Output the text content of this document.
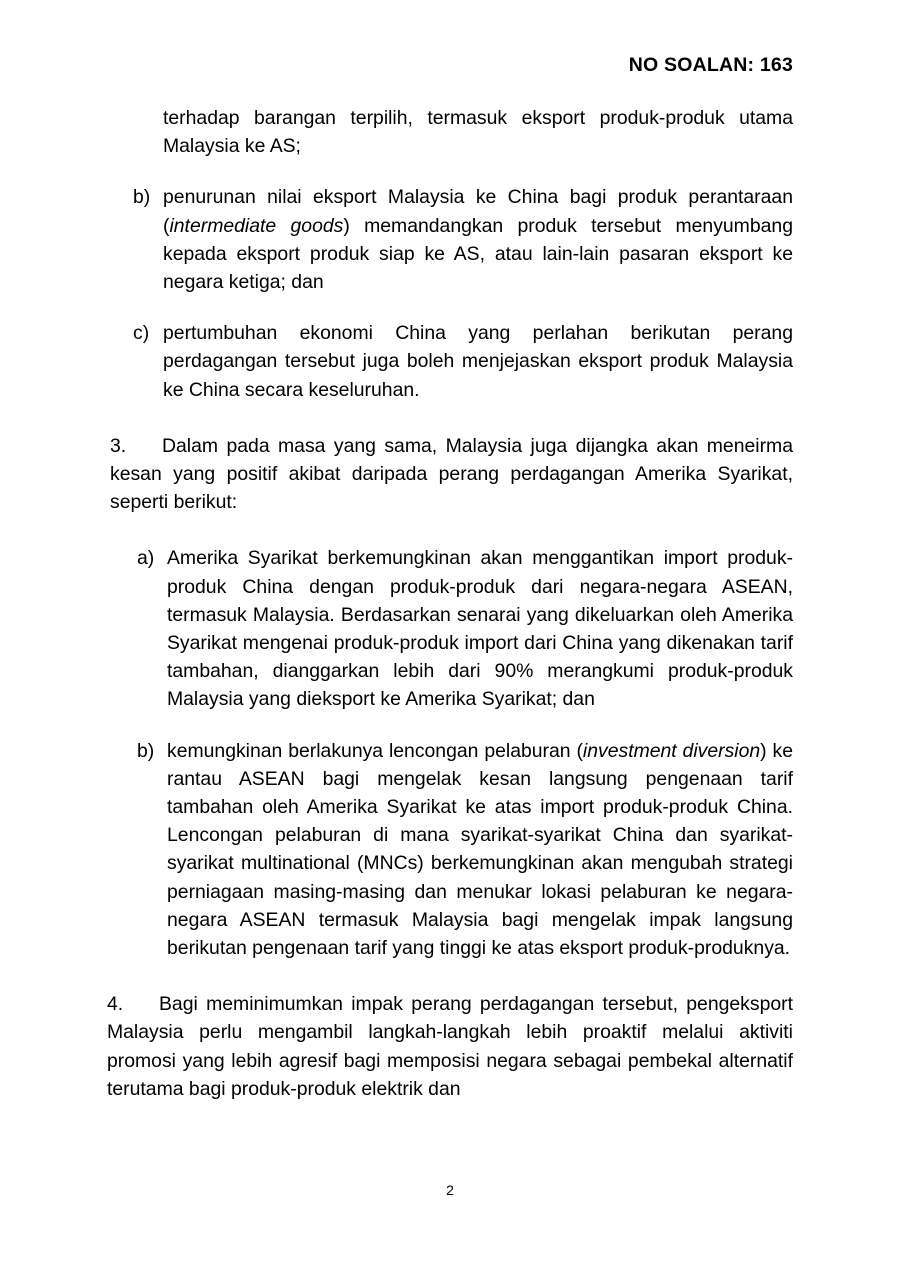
NO SOALAN: 163

terhadap barangan terpilih, termasuk eksport produk-produk utama Malaysia ke AS;

b) penurunan nilai eksport Malaysia ke China bagi produk perantaraan (intermediate goods) memandangkan produk tersebut menyumbang kepada eksport produk siap ke AS, atau lain-lain pasaran eksport ke negara ketiga; dan
c) pertumbuhan ekonomi China yang perlahan berikutan perang perdagangan tersebut juga boleh menjejaskan eksport produk Malaysia ke China secara keseluruhan.

3. Dalam pada masa yang sama, Malaysia juga dijangka akan meneirma kesan yang positif akibat daripada perang perdagangan Amerika Syarikat, seperti berikut:

a) Amerika Syarikat berkemungkinan akan menggantikan import produk-produk China dengan produk-produk dari negara-negara ASEAN, termasuk Malaysia. Berdasarkan senarai yang dikeluarkan oleh Amerika Syarikat mengenai produk-produk import dari China yang dikenakan tarif tambahan, dianggarkan lebih dari 90% merangkumi produk-produk Malaysia yang dieksport ke Amerika Syarikat; dan
b) kemungkinan berlakunya lencongan pelaburan (investment diversion) ke rantau ASEAN bagi mengelak kesan langsung pengenaan tarif tambahan oleh Amerika Syarikat ke atas import produk-produk China. Lencongan pelaburan di mana syarikat-syarikat China dan syarikat-syarikat multinational (MNCs) berkemungkinan akan mengubah strategi perniagaan masing-masing dan menukar lokasi pelaburan ke negara-negara ASEAN termasuk Malaysia bagi mengelak impak langsung berikutan pengenaan tarif yang tinggi ke atas eksport produk-produknya.

4. Bagi meminimumkan impak perang perdagangan tersebut, pengeksport Malaysia perlu mengambil langkah-langkah lebih proaktif melalui aktiviti promosi yang lebih agresif bagi memposisi negara sebagai pembekal alternatif terutama bagi produk-produk elektrik dan

2
